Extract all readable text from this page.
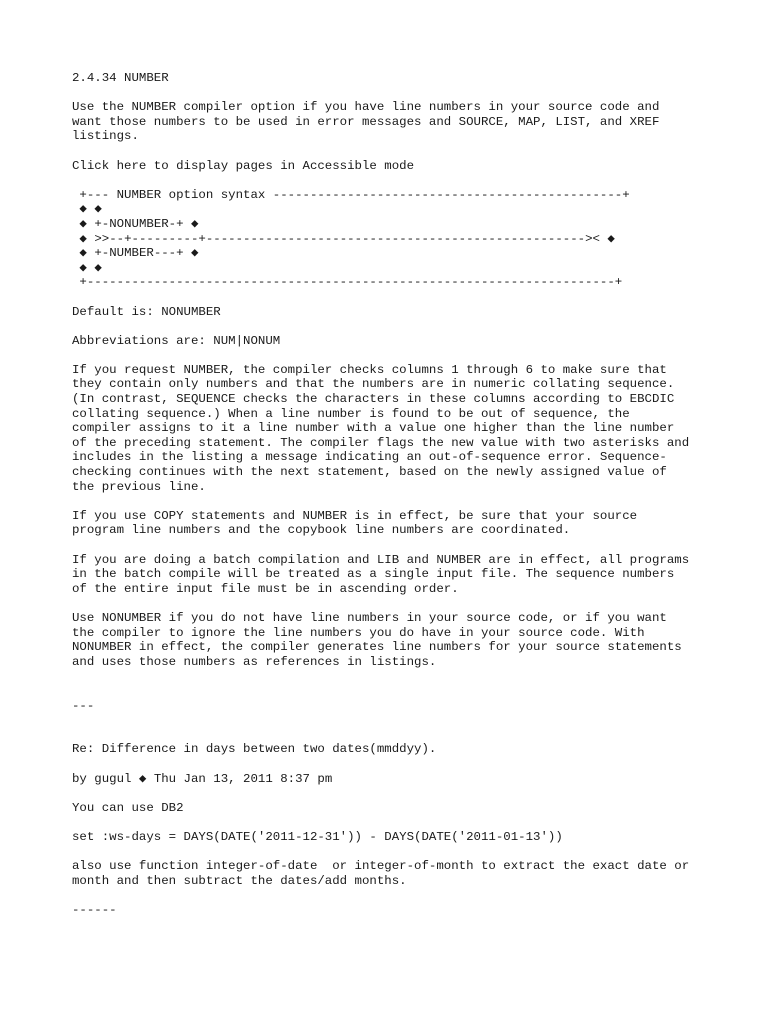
2.4.34 NUMBER
Use the NUMBER compiler option if you have line numbers in your source code and
want those numbers to be used in error messages and SOURCE, MAP, LIST, and XREF
listings.
Click here to display pages in Accessible mode
+--- NUMBER option syntax -----------------------------------------------+
◆ ◆
◆ +-NONUMBER-+ ◆
◆ >>--+---------+--------------------------------------------------->< ◆
◆ +-NUMBER---+ ◆
◆ ◆
+-----------------------------------------------------------------------+
Default is: NONUMBER
Abbreviations are: NUM|NONUM
If you request NUMBER, the compiler checks columns 1 through 6 to make sure that
they contain only numbers and that the numbers are in numeric collating sequence.
(In contrast, SEQUENCE checks the characters in these columns according to EBCDIC
collating sequence.) When a line number is found to be out of sequence, the
compiler assigns to it a line number with a value one higher than the line number
of the preceding statement. The compiler flags the new value with two asterisks and
includes in the listing a message indicating an out-of-sequence error. Sequence-
checking continues with the next statement, based on the newly assigned value of
the previous line.
If you use COPY statements and NUMBER is in effect, be sure that your source
program line numbers and the copybook line numbers are coordinated.
If you are doing a batch compilation and LIB and NUMBER are in effect, all programs
in the batch compile will be treated as a single input file. The sequence numbers
of the entire input file must be in ascending order.
Use NONUMBER if you do not have line numbers in your source code, or if you want
the compiler to ignore the line numbers you do have in your source code. With
NONUMBER in effect, the compiler generates line numbers for your source statements
and uses those numbers as references in listings.
---
Re: Difference in days between two dates(mmddyy).
by gugul ◆ Thu Jan 13, 2011 8:37 pm
You can use DB2
set :ws-days = DAYS(DATE('2011-12-31')) - DAYS(DATE('2011-01-13'))
also use function integer-of-date  or integer-of-month to extract the exact date or
month and then subtract the dates/add months.
------
